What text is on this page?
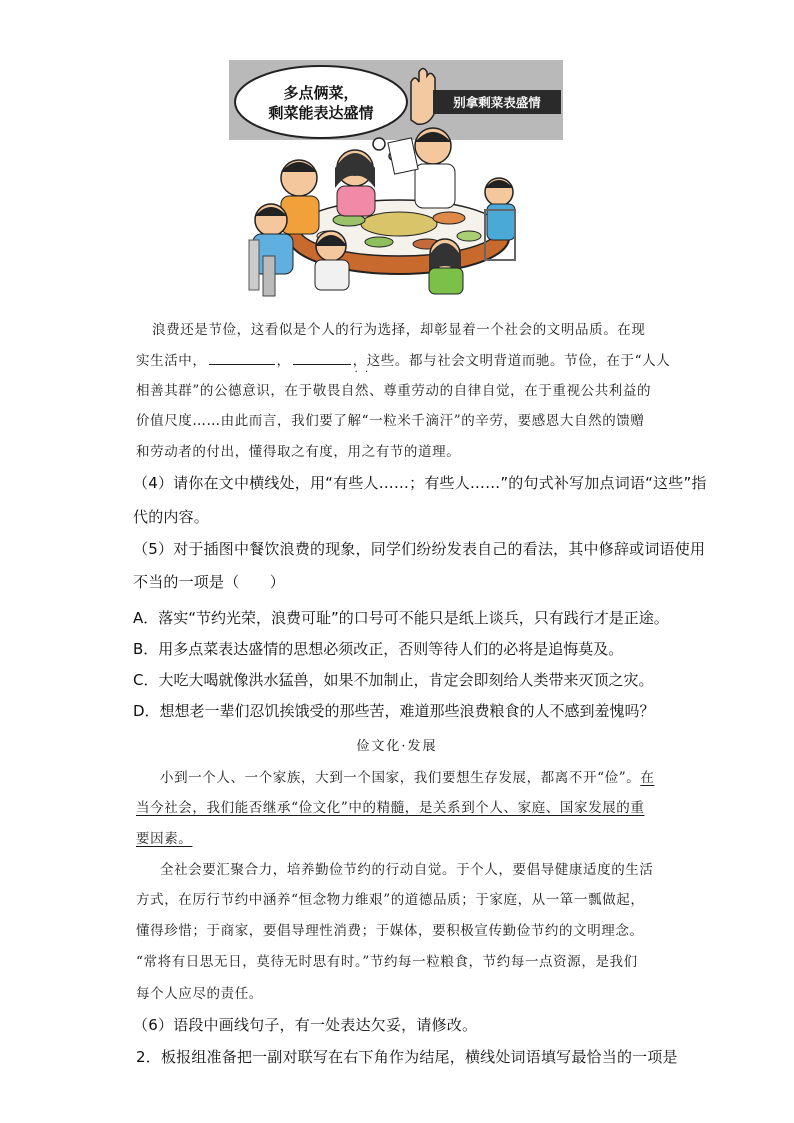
多点俩菜，
剩菜能表达盛情
别拿剩菜表盛情
浪费还是节俭，这看似是个人的行为选择，却彰显着一个社会的文明品质。在现
实生活中，	，	，这些 · ·。都与社会文明背道而驰。节俭，在于“人人
相善其群”的公德意识，在于敬畏自然、尊重劳动的自律自觉，在于重视公共利益的
价值尺度……由此而言，我们要了解“一粒米千滴汗”的辛劳，要感恩大自然的馈赠
和劳动者的付出，懂得取之有度，用之有节的道理。
（4）请你在文中横线处，用“有些人……；有些人……”的句式补写加点词语“这些”指
代的内容。
（5）对于插图中餐饮浪费的现象，同学们纷纷发表自己的看法，其中修辞或词语使用
不当的一项是（　　）
A．落实“节约光荣，浪费可耻”的口号可不能只是纸上谈兵，只有践行才是正途。
B．用多点菜表达盛情的思想必须改正，否则等待人们的必将是追悔莫及。
C．大吃大喝就像洪水猛兽，如果不加制止，肯定会即刻给人类带来灭顶之灾。
D．想想老一辈们忍饥挨饿受的那些苦，难道那些浪费粮食的人不感到羞愧吗？
俭文化·发展
小到一个人、一个家族，大到一个国家，我们要想生存发展，都离不开“俭”。在
当今社会，我们能否继承“俭文化”中的精髓，是关系到个人、家庭、国家发展的重
要因素。
全社会要汇聚合力，培养勤俭节约的行动自觉。于个人，要倡导健康适度的生活
方式，在厉行节约中涵养“恒念物力维艰”的道德品质；于家庭，从一箪一瓢做起，
懂得珍惜；于商家，要倡导理性消费；于媒体，要积极宣传勤俭节约的文明理念。
“常将有日思无日，莫待无时思有时。”节约每一粒粮食，节约每一点资源，是我们
每个人应尽的责任。
（6）语段中画线句子，有一处表达欠妥，请修改。
2．板报组准备把一副对联写在右下角作为结尾，横线处词语填写最恰当的一项是
